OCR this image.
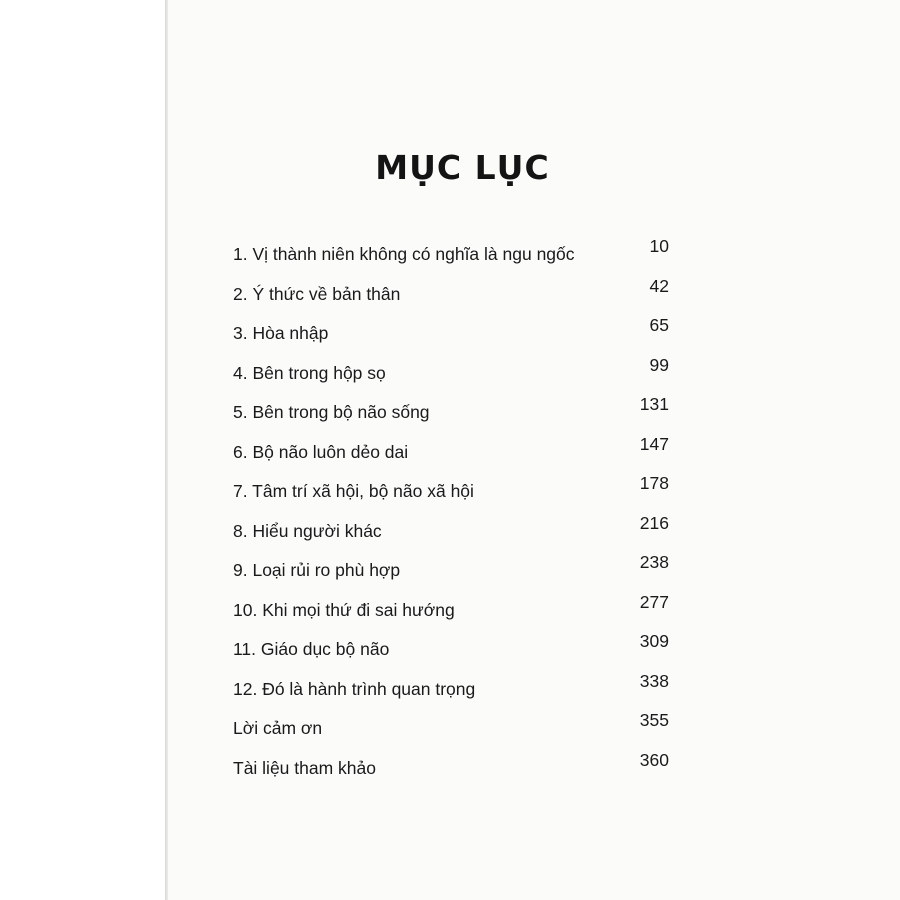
MỤC LỤC
1. Vị thành niên không có nghĩa là ngu ngốc	10
2. Ý thức về bản thân	42
3. Hòa nhập	65
4. Bên trong hộp sọ	99
5. Bên trong bộ não sống	131
6. Bộ não luôn dẻo dai	147
7. Tâm trí xã hội, bộ não xã hội	178
8. Hiểu người khác	216
9. Loại rủi ro phù hợp	238
10. Khi mọi thứ đi sai hướng	277
11. Giáo dục bộ não	309
12. Đó là hành trình quan trọng	338
Lời cảm ơn	355
Tài liệu tham khảo	360
